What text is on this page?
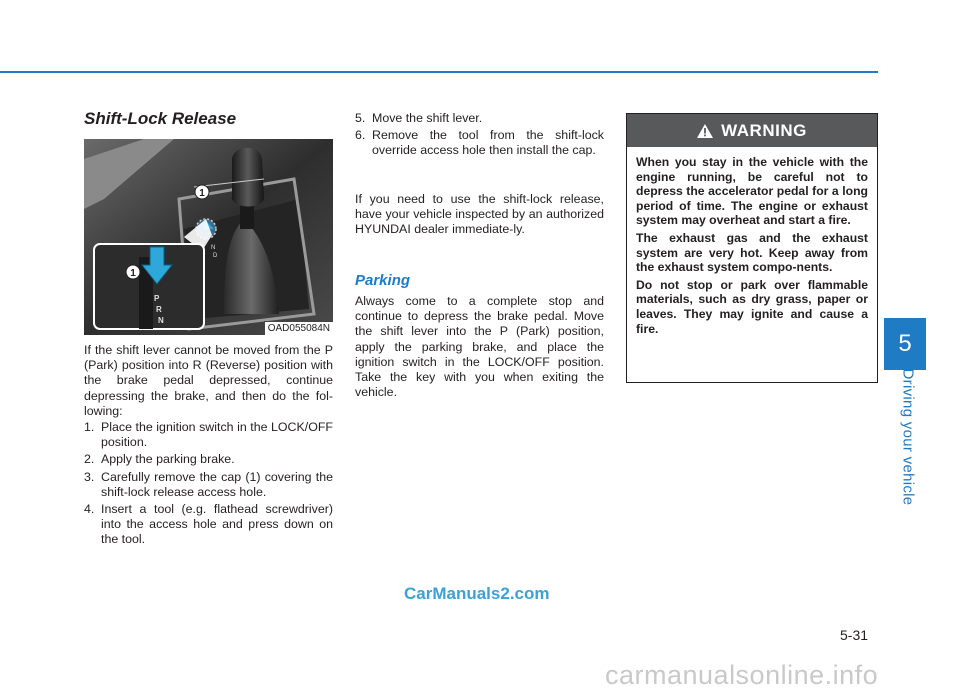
5
Driving your vehicle
Shift-Lock Release
1
N
D
1
P
R
N
OAD055084N
If the shift lever cannot be moved from the P (Park) position into R (Reverse) position with the brake pedal depressed, continue depressing the brake, and then do the fol-lowing:
1. Place the ignition switch in the LOCK/OFF position.
2. Apply the parking brake.
3. Carefully remove the cap (1) covering the shift-lock release access hole.
4. Insert a tool (e.g. flathead screwdriver) into the access hole and press down on the tool.
5. Move the shift lever.
6. Remove the tool from the shift-lock override access hole then install the cap.
If you need to use the shift-lock release, have your vehicle inspected by an authorized HYUNDAI dealer immediate-ly.
Parking
Always come to a complete stop and continue to depress the brake pedal. Move the shift lever into the P (Park) position, apply the parking brake, and place the ignition switch in the LOCK/OFF position. Take the key with you when exiting the vehicle.
WARNING

When you stay in the vehicle with the engine running, be careful not to depress the accelerator pedal for a long period of time. The engine or exhaust system may overheat and start a fire.

The exhaust gas and the exhaust system are very hot. Keep away from the exhaust system compo-nents.

Do not stop or park over flammable materials, such as dry grass, paper or leaves. They may ignite and cause a fire.

5-31
CarManuals2.com
carmanualsonline.info
